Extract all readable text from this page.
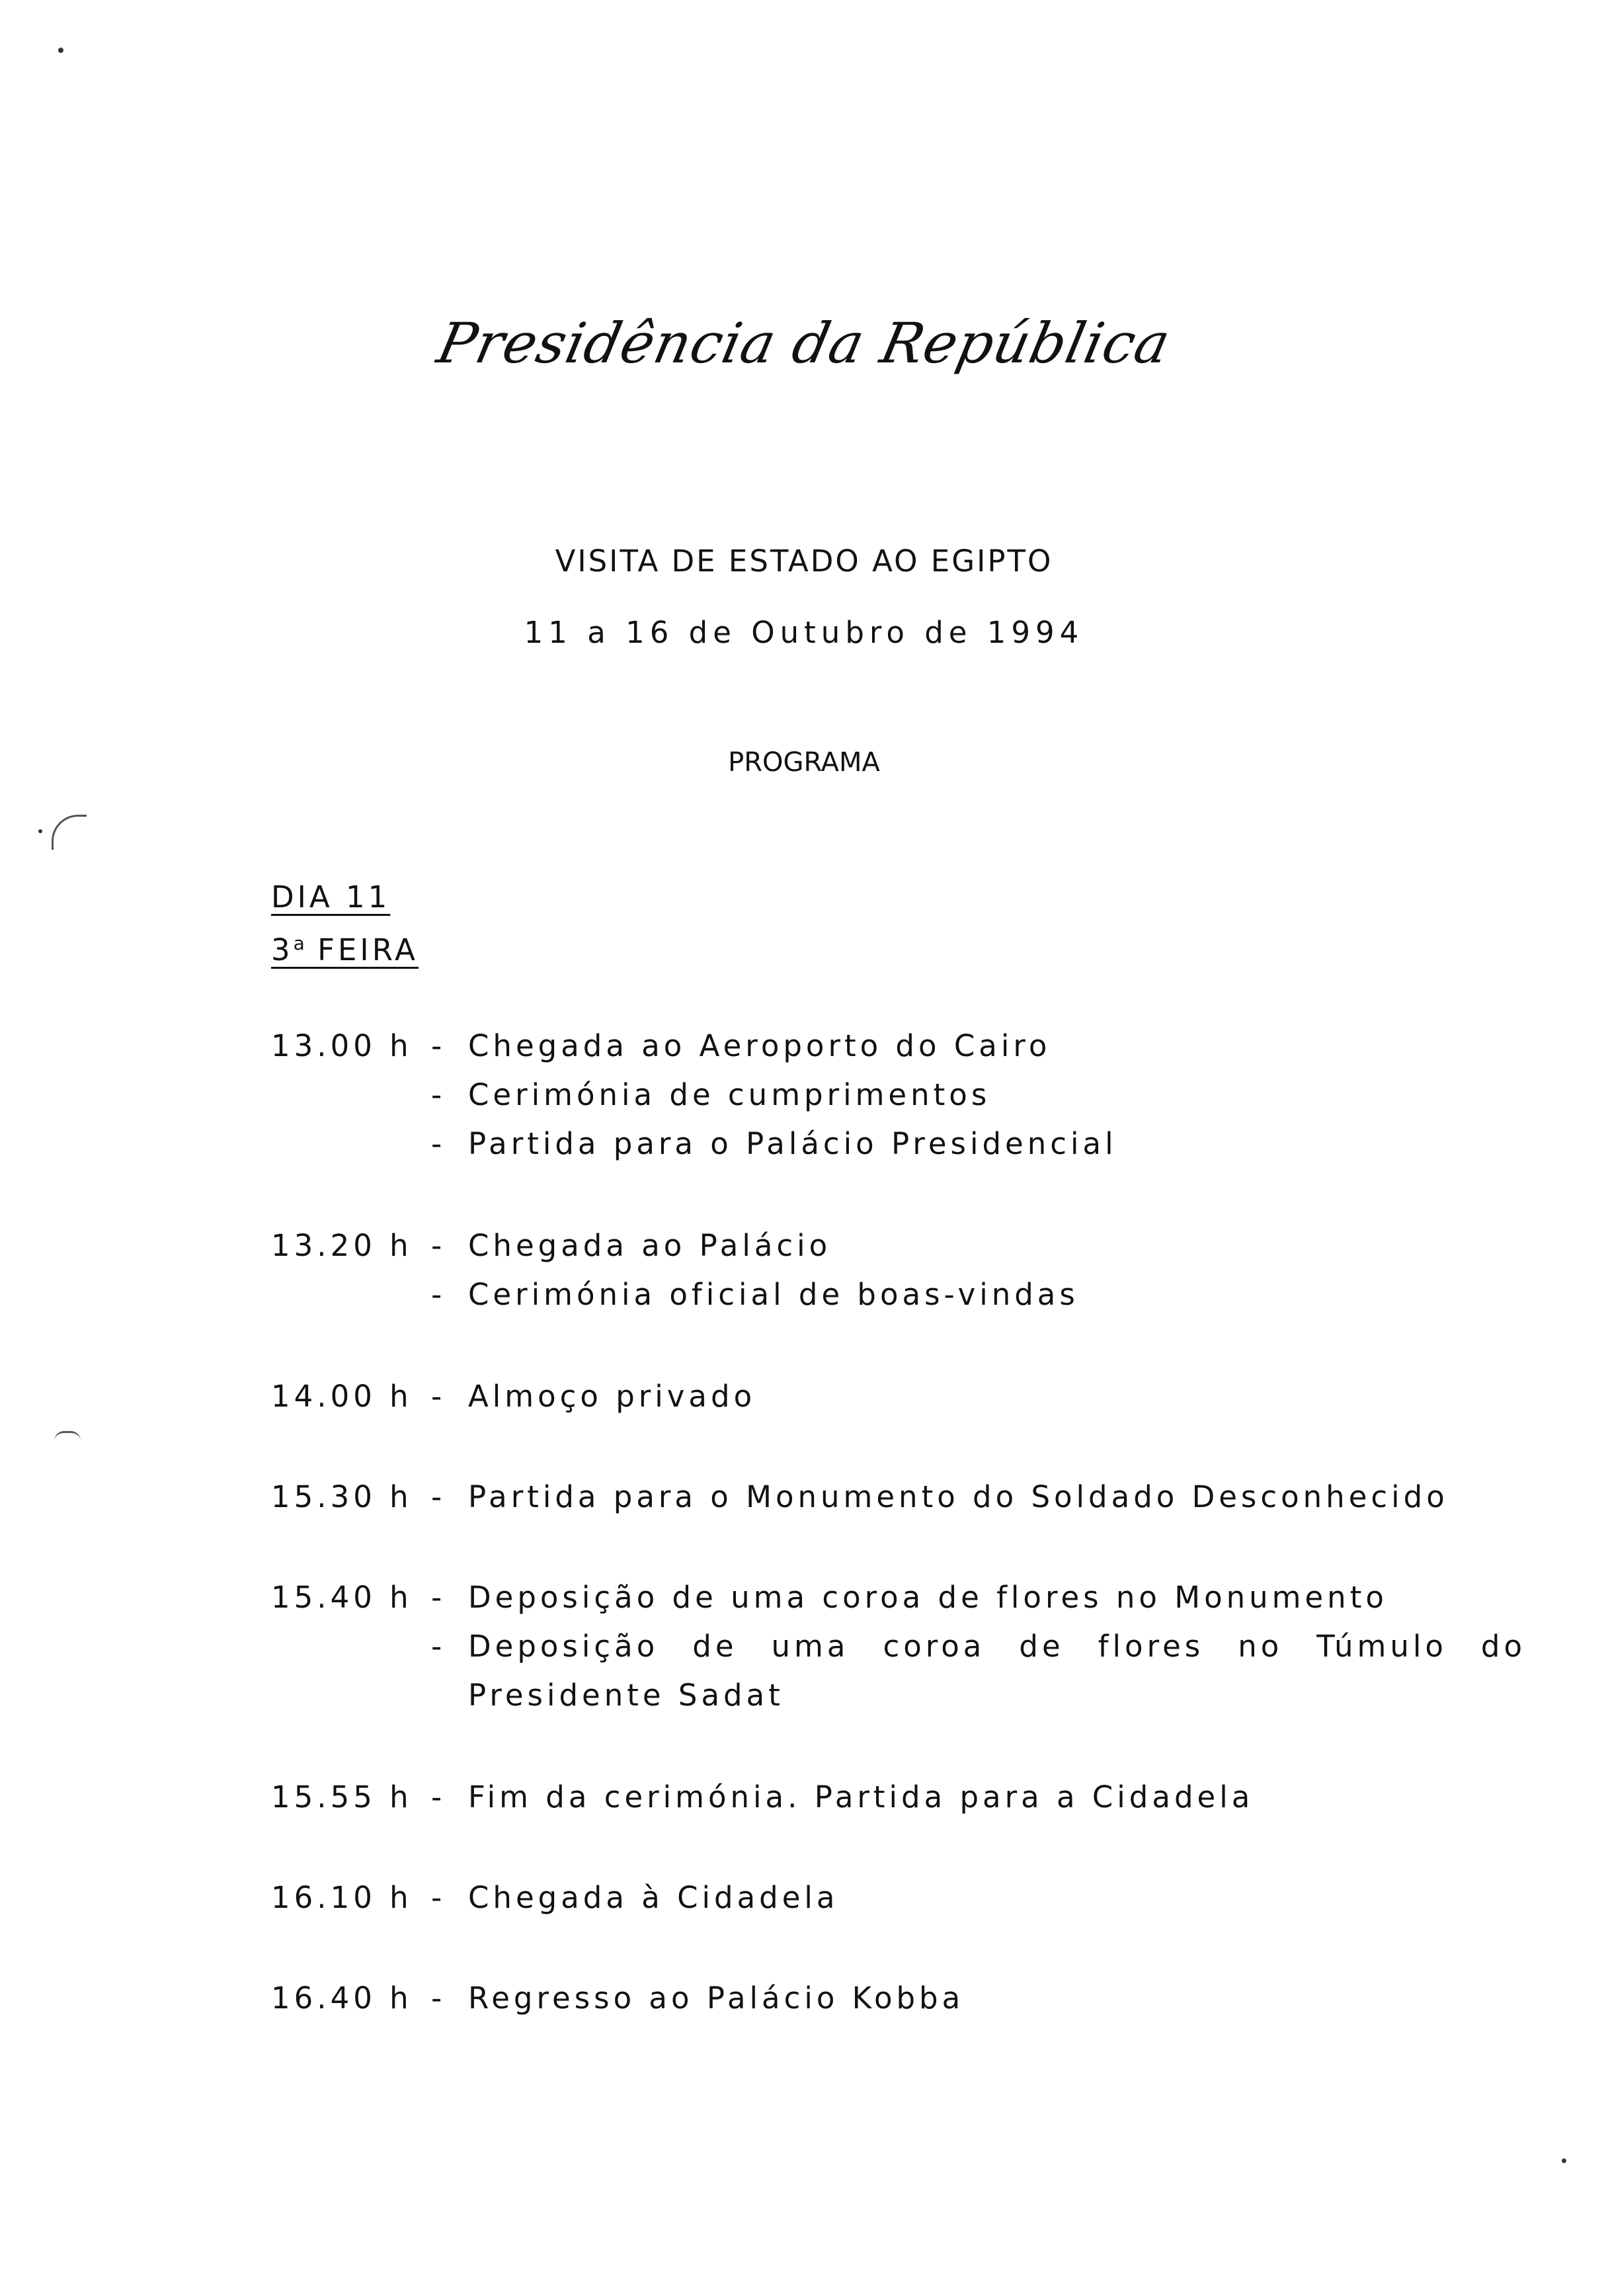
Presidência da República
VISITA DE ESTADO AO EGIPTO
11 a 16 de Outubro de 1994
PROGRAMA
DIA 11
3$^a$ FEIRA
13.00 h - Chegada ao Aeroporto do Cairo
- Cerimónia de cumprimentos
- Partida para o Palácio Presidencial
13.20 h - Chegada ao Palácio
- Cerimónia oficial de boas-vindas
14.00 h - Almoço privado
15.30 h - Partida para o Monumento do Soldado Desconhecido
15.40 h - Deposição de uma coroa de flores no Monumento
- Deposição de uma coroa de flores no Túmulo do
Presidente Sadat
15.55 h - Fim da cerimónia. Partida para a Cidadela
16.10 h - Chegada à Cidadela
16.40 h - Regresso ao Palácio Kobba
